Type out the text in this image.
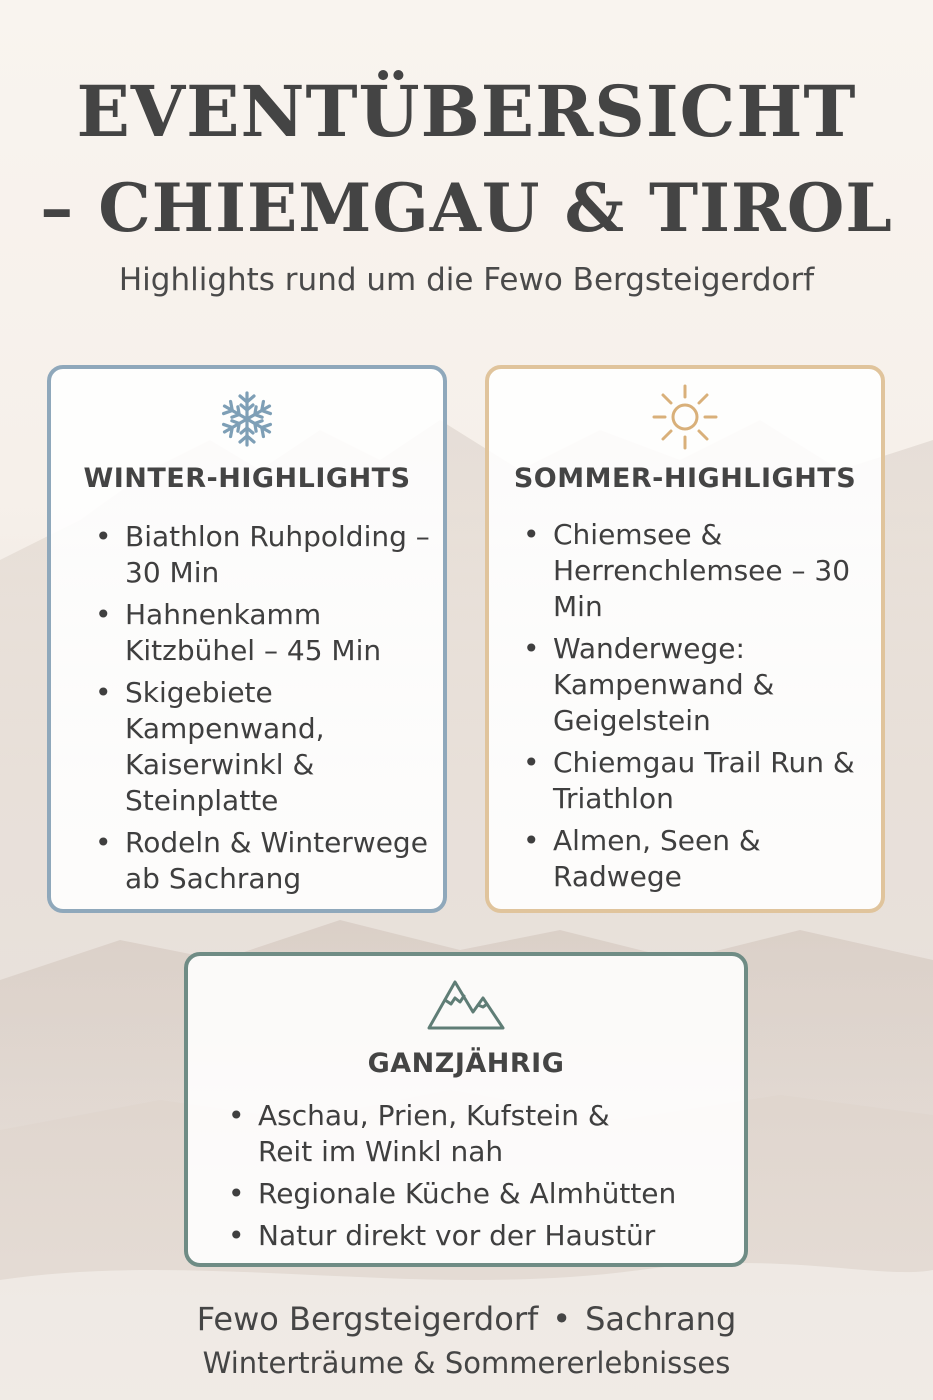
EVENTÜBERSICHT
– CHIEMGAU & TIROL
Highlights rund um die Fewo Bergsteigerdorf
WINTER-HIGHLIGHTS
• Biathlon Ruhpolding – 30 Min
• Hahnenkamm Kitzbühel – 45 Min
• Skigebiete Kampenwand, Kaiserwinkl & Steinplatte
• Rodeln & Winterwege ab Sachrang
SOMMER-HIGHLIGHTS
• Chiemsee & Herrenchlemsee – 30 Min
• Wanderwege: Kampenwand & Geigelstein
• Chiemgau Trail Run & Triathlon
• Almen, Seen & Radwege
GANZJÄHRIG
• Aschau, Prien, Kufstein & Reit im Winkl nah
• Regionale Küche & Almhütten
• Natur direkt vor der Haustür
Fewo Bergsteigerdorf • Sachrang
Winterträume & Sommererlebnisses
